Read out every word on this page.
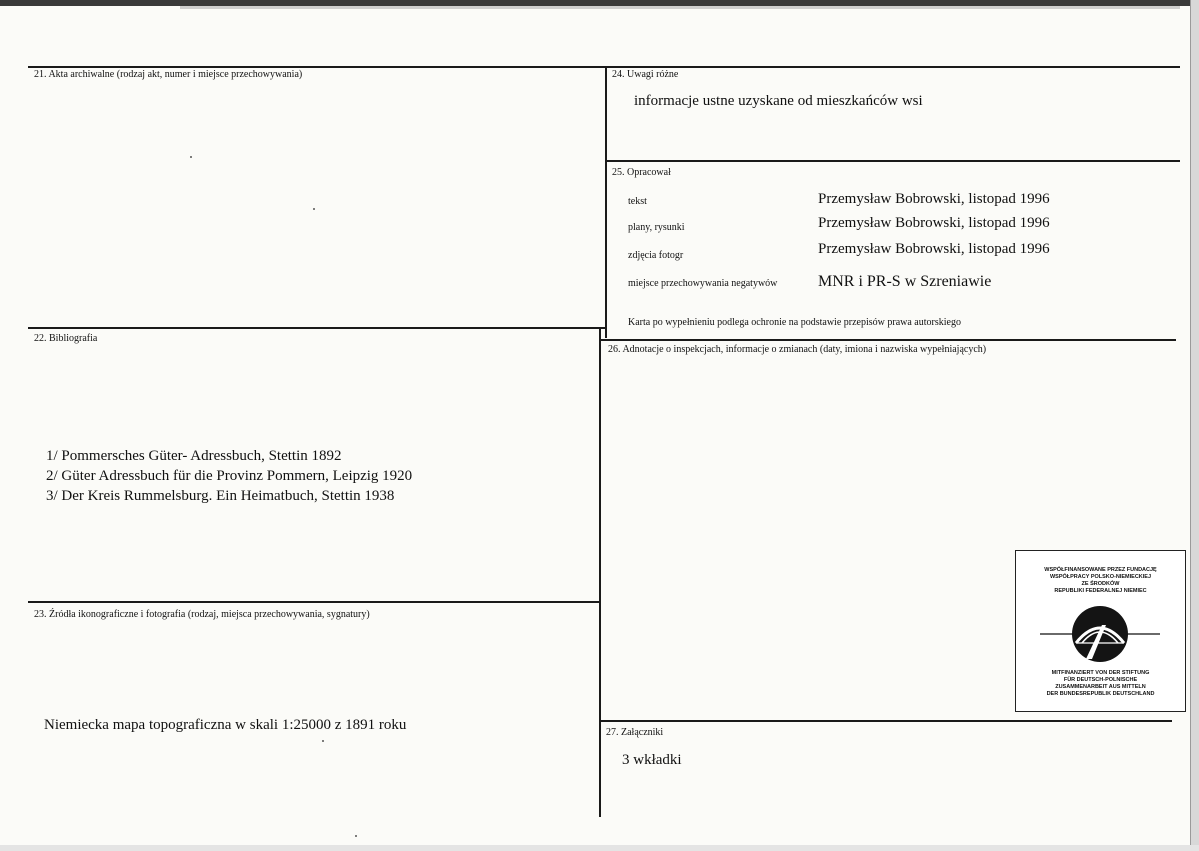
21. Akta archiwalne (rodzaj akt, numer i miejsce przechowywania)	24. Uwagi różne
informacje ustne uzyskane od mieszkańców wsi
25. Opracował
tekst	Przemysław Bobrowski, listopad 1996
plany, rysunki	Przemysław Bobrowski, listopad 1996
zdjęcia fotogr	Przemysław Bobrowski, listopad 1996
miejsce przechowywania negatywów	MNR i PR-S w Szreniawie
Karta po wypełnieniu podlega ochronie na podstawie przepisów prawa autorskiego
22. Bibliografia
1/ Pommersches Güter- Adressbuch, Stettin 1892
2/ Güter Adressbuch für die Provinz Pommern, Leipzig 1920
3/ Der Kreis Rummelsburg. Ein Heimatbuch, Stettin 1938
26. Adnotacje o inspekcjach, informacje o zmianach (daty, imiona i nazwiska wypełniających)
23. Źródła ikonograficzne i fotografia (rodzaj, miejsca przechowywania, sygnatury)
Niemiecka mapa topograficzna w skali 1:25000 z 1891 roku	27. Załączniki
3 wkładki
WSPÓŁFINANSOWANE PRZEZ FUNDACJĘ
WSPÓŁPRACY POLSKO-NIEMIECKIEJ
ZE ŚRODKÓW
REPUBLIKI FEDERALNEJ NIEMIEC
MITFINANZIERT VON DER STIFTUNG
FÜR DEUTSCH-POLNISCHE
ZUSAMMENARBEIT AUS MITTELN
DER BUNDESREPUBLIK DEUTSCHLAND
